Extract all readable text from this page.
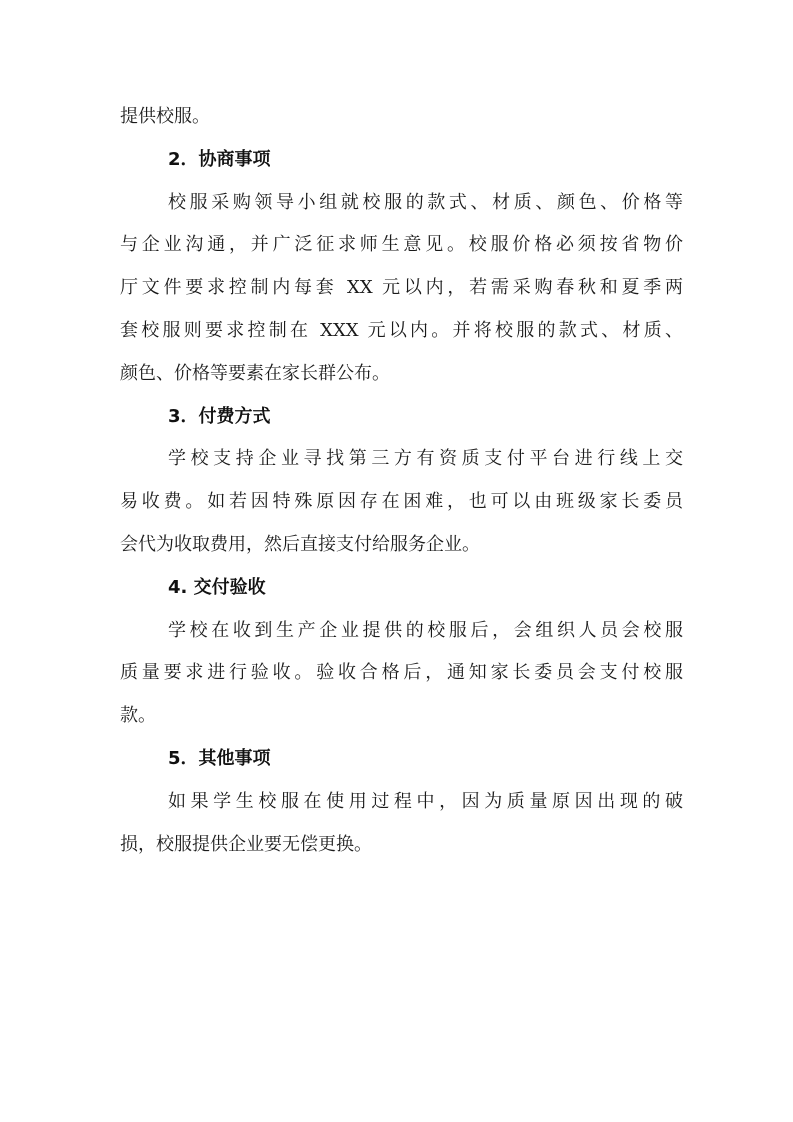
提供校服。
2．协商事项
校服采购领导小组就校服的款式、材质、颜色、价格等
与企业沟通，并广泛征求师生意见。校服价格必须按省物价
厅文件要求控制内每套 XX 元以内，若需采购春秋和夏季两
套校服则要求控制在 XXX 元以内。并将校服的款式、材质、
颜色、价格等要素在家长群公布。
3．付费方式
学校支持企业寻找第三方有资质支付平台进行线上交
易收费。如若因特殊原因存在困难，也可以由班级家长委员
会代为收取费用，然后直接支付给服务企业。
4. 交付验收
学校在收到生产企业提供的校服后，会组织人员会校服
质量要求进行验收。验收合格后，通知家长委员会支付校服
款。
5．其他事项
如果学生校服在使用过程中，因为质量原因出现的破
损，校服提供企业要无偿更换。
